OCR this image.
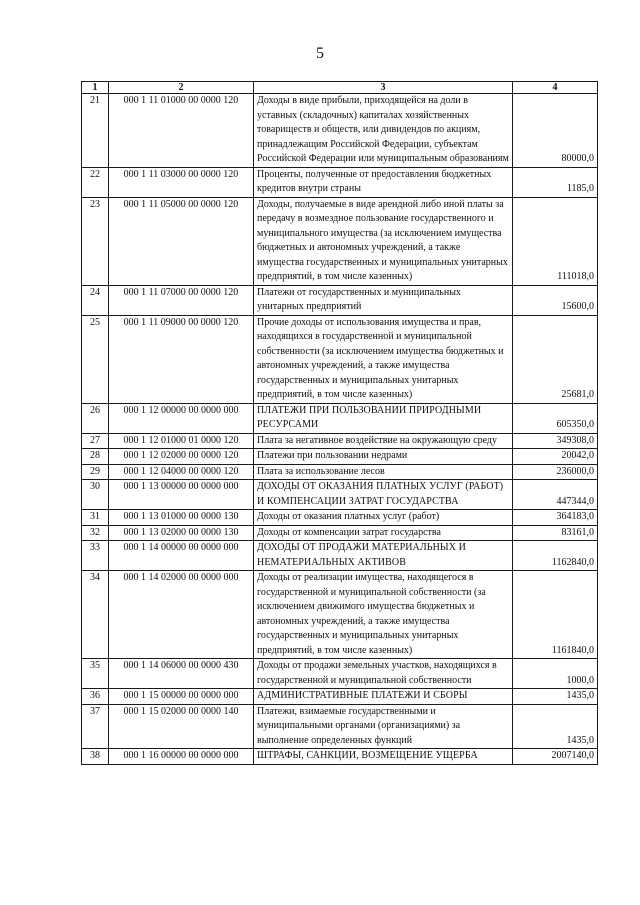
5
1	2	3	4
21	000 1 11 01000 00 0000 120	Доходы в виде прибыли, приходящейся на доли в уставных (складочных) капиталах хозяйственных товариществ и обществ, или дивидендов по акциям, принадлежащим Российской Федерации, субъектам Российской Федерации или муниципальным образованиям	80000,0
22	000 1 11 03000 00 0000 120	Проценты, полученные от предоставления бюджетных кредитов внутри страны	1185,0
23	000 1 11 05000 00 0000 120	Доходы, получаемые в виде арендной либо иной платы за передачу в возмездное пользование государственного и муниципального имущества (за исключением имущества бюджетных и автономных учреждений, а также имущества государственных и муниципальных унитарных предприятий, в том числе казенных)	111018,0
24	000 1 11 07000 00 0000 120	Платежи от государственных и муниципальных унитарных предприятий	15600,0
25	000 1 11 09000 00 0000 120	Прочие доходы от использования имущества и прав, находящихся в государственной и муниципальной собственности (за исключением имущества бюджетных и автономных учреждений, а также имущества государственных и муниципальных унитарных предприятий, в том числе казенных)	25681,0
26	000 1 12 00000 00 0000 000	ПЛАТЕЖИ ПРИ ПОЛЬЗОВАНИИ ПРИРОДНЫМИ РЕСУРСАМИ	605350,0
27	000 1 12 01000 01 0000 120	Плата за негативное воздействие на окружающую среду	349308,0
28	000 1 12 02000 00 0000 120	Платежи при пользовании недрами	20042,0
29	000 1 12 04000 00 0000 120	Плата за использование лесов	236000,0
30	000 1 13 00000 00 0000 000	ДОХОДЫ ОТ ОКАЗАНИЯ ПЛАТНЫХ УСЛУГ (РАБОТ) И КОМПЕНСАЦИИ ЗАТРАТ ГОСУДАРСТВА	447344,0
31	000 1 13 01000 00 0000 130	Доходы от оказания платных услуг (работ)	364183,0
32	000 1 13 02000 00 0000 130	Доходы от компенсации затрат государства	83161,0
33	000 1 14 00000 00 0000 000	ДОХОДЫ ОТ ПРОДАЖИ МАТЕРИАЛЬНЫХ И НЕМАТЕРИАЛЬНЫХ АКТИВОВ	1162840,0
34	000 1 14 02000 00 0000 000	Доходы от реализации имущества, находящегося в государственной и муниципальной собственности (за исключением движимого имущества бюджетных и автономных учреждений, а также имущества государственных и муниципальных унитарных предприятий, в том числе казенных)	1161840,0
35	000 1 14 06000 00 0000 430	Доходы от продажи земельных участков, находящихся в государственной и муниципальной собственности	1000,0
36	000 1 15 00000 00 0000 000	АДМИНИСТРАТИВНЫЕ ПЛАТЕЖИ И СБОРЫ	1435,0
37	000 1 15 02000 00 0000 140	Платежи, взимаемые государственными и муниципальными органами (организациями) за выполнение определенных функций	1435,0
38	000 1 16 00000 00 0000 000	ШТРАФЫ, САНКЦИИ, ВОЗМЕЩЕНИЕ УЩЕРБА	2007140,0
